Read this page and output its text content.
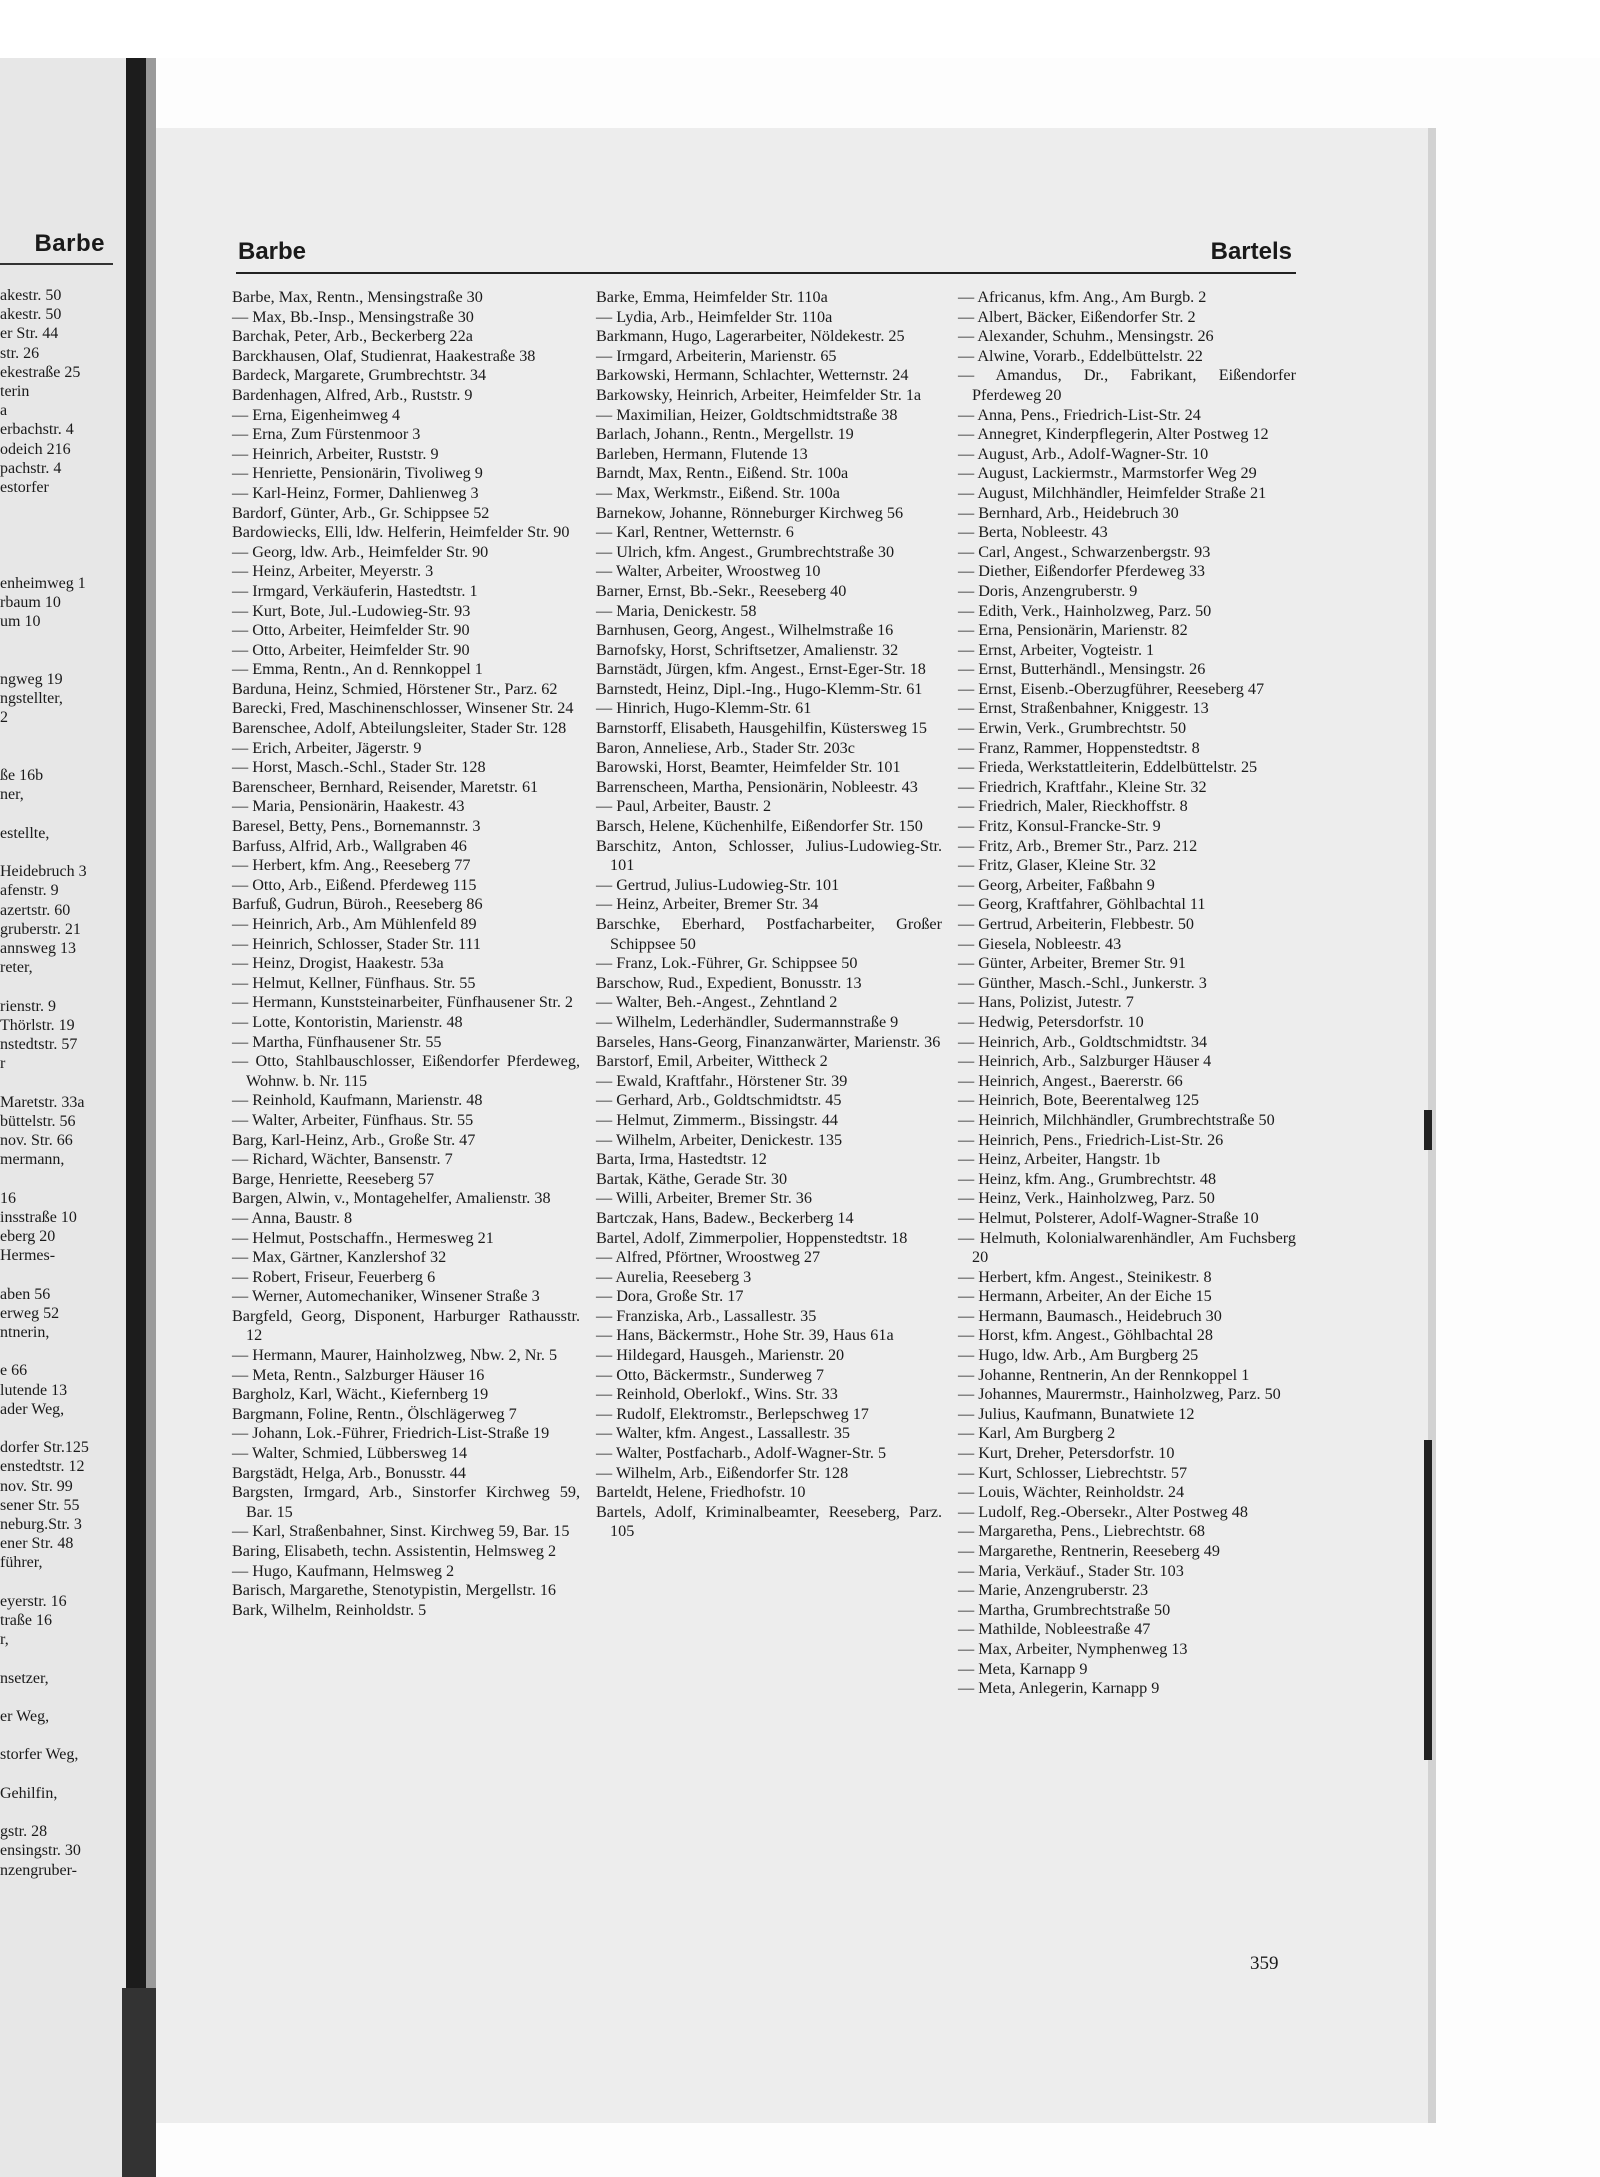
Barbe
akestr. 50
akestr. 50
er Str. 44
str. 26
ekestraße 25
terin
a
erbachstr. 4
odeich 216
pachstr. 4
estorfer

enheimweg 1
rbaum 10
um 10

ngweg 19
ngstellter,
2

ße 16b
ner,

estellte,

Heidebruch 3
afenstr. 9
azertstr. 60
gruberstr. 21
annsweg 13
reter,

rienstr. 9
Thörlstr. 19
nstedtstr. 57
r

Maretstr. 33a
büttelstr. 56
nov. Str. 66
mermann,

16
insstraße 10
eberg 20
Hermes-

aben 56
erweg 52
ntnerin,

e 66
lutende 13
ader Weg,

dorfer Str.125
enstedtstr. 12
nov. Str. 99
sener Str. 55
neburg.Str. 3
ener Str. 48
führer,

eyerstr. 16
traße 16
r,

nsetzer,

er Weg,

storfer Weg,

Gehilfin,

gstr. 28
ensingstr. 30
nzengruber-
Barbe	Bartels
Barbe, Max, Rentn., Mensingstraße 30
— Max, Bb.-Insp., Mensingstraße 30
Barchak, Peter, Arb., Beckerberg 22a
Barckhausen, Olaf, Studienrat, Haakestraße 38
Bardeck, Margarete, Grumbrechtstr. 34
Bardenhagen, Alfred, Arb., Ruststr. 9
— Erna, Eigenheimweg 4
— Erna, Zum Fürstenmoor 3
— Heinrich, Arbeiter, Ruststr. 9
— Henriette, Pensionärin, Tivoliweg 9
— Karl-Heinz, Former, Dahlienweg 3
Bardorf, Günter, Arb., Gr. Schippsee 52
Bardowiecks, Elli, ldw. Helferin, Heimfelder Str. 90
— Georg, ldw. Arb., Heimfelder Str. 90
— Heinz, Arbeiter, Meyerstr. 3
— Irmgard, Verkäuferin, Hastedtstr. 1
— Kurt, Bote, Jul.-Ludowieg-Str. 93
— Otto, Arbeiter, Heimfelder Str. 90
— Otto, Arbeiter, Heimfelder Str. 90
— Emma, Rentn., An d. Rennkoppel 1
Barduna, Heinz, Schmied, Hörstener Str., Parz. 62
Barecki, Fred, Maschinenschlosser, Winsener Str. 24
Barenschee, Adolf, Abteilungsleiter, Stader Str. 128
— Erich, Arbeiter, Jägerstr. 9
— Horst, Masch.-Schl., Stader Str. 128
Barenscheer, Bernhard, Reisender, Maretstr. 61
— Maria, Pensionärin, Haakestr. 43
Baresel, Betty, Pens., Bornemannstr. 3
Barfuss, Alfrid, Arb., Wallgraben 46
— Herbert, kfm. Ang., Reeseberg 77
— Otto, Arb., Eißend. Pferdeweg 115
Barfuß, Gudrun, Büroh., Reeseberg 86
— Heinrich, Arb., Am Mühlenfeld 89
— Heinrich, Schlosser, Stader Str. 111
— Heinz, Drogist, Haakestr. 53a
— Helmut, Kellner, Fünfhaus. Str. 55
— Hermann, Kunststeinarbeiter, Fünfhausener Str. 2
— Lotte, Kontoristin, Marienstr. 48
— Martha, Fünfhausener Str. 55
— Otto, Stahlbauschlosser, Eißendorfer Pferdeweg, Wohnw. b. Nr. 115
— Reinhold, Kaufmann, Marienstr. 48
— Walter, Arbeiter, Fünfhaus. Str. 55
Barg, Karl-Heinz, Arb., Große Str. 47
— Richard, Wächter, Bansenstr. 7
Barge, Henriette, Reeseberg 57
Bargen, Alwin, v., Montagehelfer, Amalienstr. 38
— Anna, Baustr. 8
— Helmut, Postschaffn., Hermesweg 21
— Max, Gärtner, Kanzlershof 32
— Robert, Friseur, Feuerberg 6
— Werner, Automechaniker, Winsener Straße 3
Bargfeld, Georg, Disponent, Harburger Rathausstr. 12
— Hermann, Maurer, Hainholzweg, Nbw. 2, Nr. 5
— Meta, Rentn., Salzburger Häuser 16
Bargholz, Karl, Wächt., Kiefernberg 19
Bargmann, Foline, Rentn., Ölschlägerweg 7
— Johann, Lok.-Führer, Friedrich-List-Straße 19
— Walter, Schmied, Lübbersweg 14
Bargstädt, Helga, Arb., Bonusstr. 44
Bargsten, Irmgard, Arb., Sinstorfer Kirchweg 59, Bar. 15
— Karl, Straßenbahner, Sinst. Kirchweg 59, Bar. 15
Baring, Elisabeth, techn. Assistentin, Helmsweg 2
— Hugo, Kaufmann, Helmsweg 2
Barisch, Margarethe, Stenotypistin, Mergellstr. 16
Bark, Wilhelm, Reinholdstr. 5
Barke, Emma, Heimfelder Str. 110a
— Lydia, Arb., Heimfelder Str. 110a
Barkmann, Hugo, Lagerarbeiter, Nöldekestr. 25
— Irmgard, Arbeiterin, Marienstr. 65
Barkowski, Hermann, Schlachter, Wetternstr. 24
Barkowsky, Heinrich, Arbeiter, Heimfelder Str. 1a
— Maximilian, Heizer, Goldtschmidtstraße 38
Barlach, Johann., Rentn., Mergellstr. 19
Barleben, Hermann, Flutende 13
Barndt, Max, Rentn., Eißend. Str. 100a
— Max, Werkmstr., Eißend. Str. 100a
Barnekow, Johanne, Rönneburger Kirchweg 56
— Karl, Rentner, Wetternstr. 6
— Ulrich, kfm. Angest., Grumbrechtstraße 30
— Walter, Arbeiter, Wroostweg 10
Barner, Ernst, Bb.-Sekr., Reeseberg 40
— Maria, Denickestr. 58
Barnhusen, Georg, Angest., Wilhelmstraße 16
Barnofsky, Horst, Schriftsetzer, Amalienstr. 32
Barnstädt, Jürgen, kfm. Angest., Ernst-Eger-Str. 18
Barnstedt, Heinz, Dipl.-Ing., Hugo-Klemm-Str. 61
— Hinrich, Hugo-Klemm-Str. 61
Barnstorff, Elisabeth, Hausgehilfin, Küstersweg 15
Baron, Anneliese, Arb., Stader Str. 203c
Barowski, Horst, Beamter, Heimfelder Str. 101
Barrenscheen, Martha, Pensionärin, Nobleestr. 43
— Paul, Arbeiter, Baustr. 2
Barsch, Helene, Küchenhilfe, Eißendorfer Str. 150
Barschitz, Anton, Schlosser, Julius-Ludowieg-Str. 101
— Gertrud, Julius-Ludowieg-Str. 101
— Heinz, Arbeiter, Bremer Str. 34
Barschke, Eberhard, Postfacharbeiter, Großer Schippsee 50
— Franz, Lok.-Führer, Gr. Schippsee 50
Barschow, Rud., Expedient, Bonusstr. 13
— Walter, Beh.-Angest., Zehntland 2
— Wilhelm, Lederhändler, Sudermannstraße 9
Barseles, Hans-Georg, Finanzanwärter, Marienstr. 36
Barstorf, Emil, Arbeiter, Wittheck 2
— Ewald, Kraftfahr., Hörstener Str. 39
— Gerhard, Arb., Goldtschmidtstr. 45
— Helmut, Zimmerm., Bissingstr. 44
— Wilhelm, Arbeiter, Denickestr. 135
Barta, Irma, Hastedtstr. 12
Bartak, Käthe, Gerade Str. 30
— Willi, Arbeiter, Bremer Str. 36
Bartczak, Hans, Badew., Beckerberg 14
Bartel, Adolf, Zimmerpolier, Hoppenstedtstr. 18
— Alfred, Pförtner, Wroostweg 27
— Aurelia, Reeseberg 3
— Dora, Große Str. 17
— Franziska, Arb., Lassallestr. 35
— Hans, Bäckermstr., Hohe Str. 39, Haus 61a
— Hildegard, Hausgeh., Marienstr. 20
— Otto, Bäckermstr., Sunderweg 7
— Reinhold, Oberlokf., Wins. Str. 33
— Rudolf, Elektromstr., Berlepschweg 17
— Walter, kfm. Angest., Lassallestr. 35
— Walter, Postfacharb., Adolf-Wagner-Str. 5
— Wilhelm, Arb., Eißendorfer Str. 128
Barteldt, Helene, Friedhofstr. 10
Bartels, Adolf, Kriminalbeamter, Reeseberg, Parz. 105
— Africanus, kfm. Ang., Am Burgb. 2
— Albert, Bäcker, Eißendorfer Str. 2
— Alexander, Schuhm., Mensingstr. 26
— Alwine, Vorarb., Eddelbüttelstr. 22
— Amandus, Dr., Fabrikant, Eißendorfer Pferdeweg 20
— Anna, Pens., Friedrich-List-Str. 24
— Annegret, Kinderpflegerin, Alter Postweg 12
— August, Arb., Adolf-Wagner-Str. 10
— August, Lackiermstr., Marmstorfer Weg 29
— August, Milchhändler, Heimfelder Straße 21
— Bernhard, Arb., Heidebruch 30
— Berta, Nobleestr. 43
— Carl, Angest., Schwarzenbergstr. 93
— Diether, Eißendorfer Pferdeweg 33
— Doris, Anzengruberstr. 9
— Edith, Verk., Hainholzweg, Parz. 50
— Erna, Pensionärin, Marienstr. 82
— Ernst, Arbeiter, Vogteistr. 1
— Ernst, Butterhändl., Mensingstr. 26
— Ernst, Eisenb.-Oberzugführer, Reeseberg 47
— Ernst, Straßenbahner, Kniggestr. 13
— Erwin, Verk., Grumbrechtstr. 50
— Franz, Rammer, Hoppenstedtstr. 8
— Frieda, Werkstattleiterin, Eddelbüttelstr. 25
— Friedrich, Kraftfahr., Kleine Str. 32
— Friedrich, Maler, Rieckhoffstr. 8
— Fritz, Konsul-Francke-Str. 9
— Fritz, Arb., Bremer Str., Parz. 212
— Fritz, Glaser, Kleine Str. 32
— Georg, Arbeiter, Faßbahn 9
— Georg, Kraftfahrer, Göhlbachtal 11
— Gertrud, Arbeiterin, Flebbestr. 50
— Giesela, Nobleestr. 43
— Günter, Arbeiter, Bremer Str. 91
— Günther, Masch.-Schl., Junkerstr. 3
— Hans, Polizist, Jutestr. 7
— Hedwig, Petersdorfstr. 10
— Heinrich, Arb., Goldtschmidtstr. 34
— Heinrich, Arb., Salzburger Häuser 4
— Heinrich, Angest., Baererstr. 66
— Heinrich, Bote, Beerentalweg 125
— Heinrich, Milchhändler, Grumbrechtstraße 50
— Heinrich, Pens., Friedrich-List-Str. 26
— Heinz, Arbeiter, Hangstr. 1b
— Heinz, kfm. Ang., Grumbrechtstr. 48
— Heinz, Verk., Hainholzweg, Parz. 50
— Helmut, Polsterer, Adolf-Wagner-Straße 10
— Helmuth, Kolonialwarenhändler, Am Fuchsberg 20
— Herbert, kfm. Angest., Steinikestr. 8
— Hermann, Arbeiter, An der Eiche 15
— Hermann, Baumasch., Heidebruch 30
— Horst, kfm. Angest., Göhlbachtal 28
— Hugo, ldw. Arb., Am Burgberg 25
— Johanne, Rentnerin, An der Rennkoppel 1
— Johannes, Maurermstr., Hainholzweg, Parz. 50
— Julius, Kaufmann, Bunatwiete 12
— Karl, Am Burgberg 2
— Kurt, Dreher, Petersdorfstr. 10
— Kurt, Schlosser, Liebrechtstr. 57
— Louis, Wächter, Reinholdstr. 24
— Ludolf, Reg.-Obersekr., Alter Postweg 48
— Margaretha, Pens., Liebrechtstr. 68
— Margarethe, Rentnerin, Reeseberg 49
— Maria, Verkäuf., Stader Str. 103
— Marie, Anzengruberstr. 23
— Martha, Grumbrechtstraße 50
— Mathilde, Nobleestraße 47
— Max, Arbeiter, Nymphenweg 13
— Meta, Karnapp 9
— Meta, Anlegerin, Karnapp 9
359
